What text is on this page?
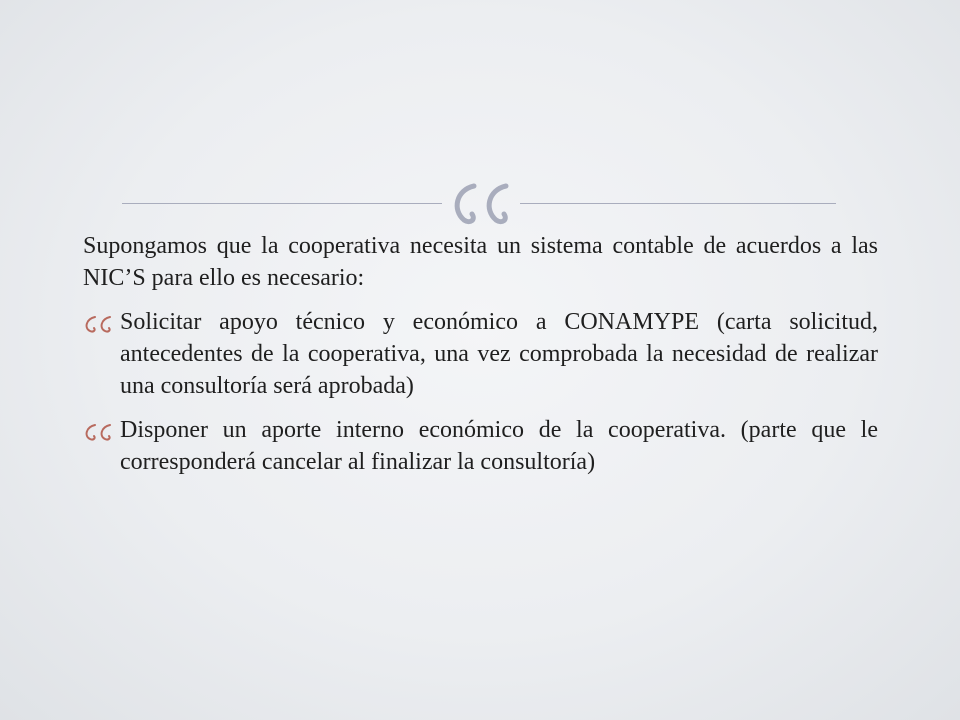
Supongamos que la cooperativa necesita un sistema contable de acuerdos a las NIC’S para ello es necesario:

Solicitar apoyo técnico y económico a CONAMYPE (carta solicitud, antecedentes de la cooperativa, una vez comprobada la necesidad de realizar una consultoría será aprobada)
Disponer un aporte interno económico de la cooperativa. (parte que le corresponderá cancelar al finalizar la consultoría)
